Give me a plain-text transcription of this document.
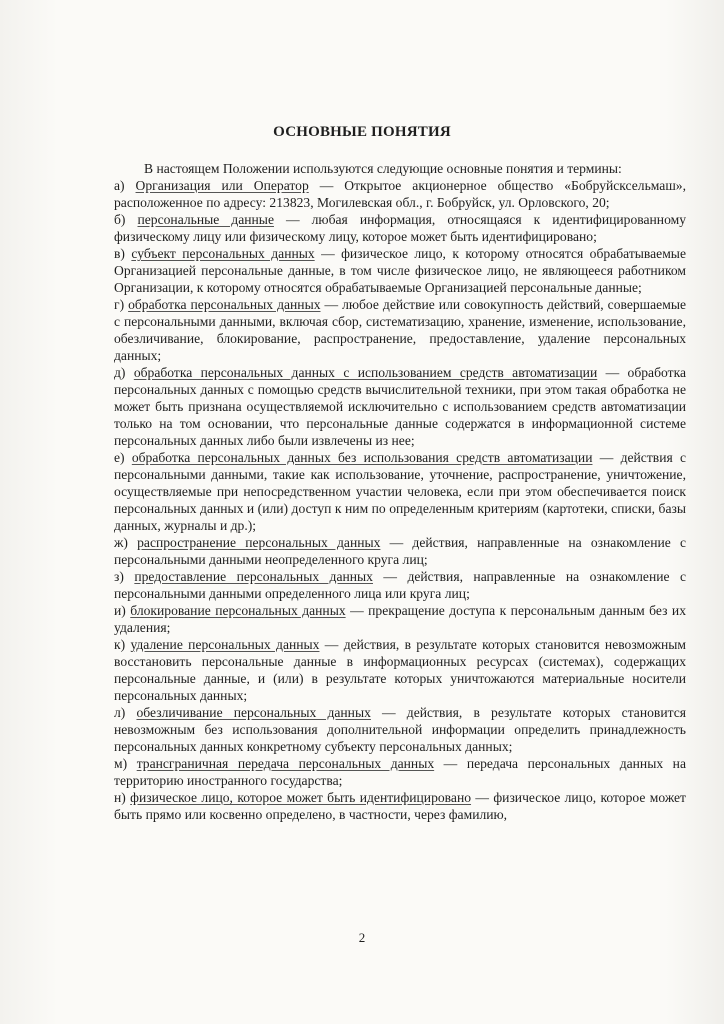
ОСНОВНЫЕ ПОНЯТИЯ

В настоящем Положении используются следующие основные понятия и термины:

а) Организация или Оператор — Открытое акционерное общество «Бобруйсксельмаш», расположенное по адресу: 213823, Могилевская обл., г. Бобруйск, ул. Орловского, 20;

б) персональные данные — любая информация, относящаяся к идентифицированному физическому лицу или физическому лицу, которое может быть идентифицировано;

в) субъект персональных данных — физическое лицо, к которому относятся обрабатываемые Организацией персональные данные, в том числе физическое лицо, не являющееся работником Организации, к которому относятся обрабатываемые Организацией персональные данные;

г) обработка персональных данных — любое действие или совокупность действий, совершаемые с персональными данными, включая сбор, систематизацию, хранение, изменение, использование, обезличивание, блокирование, распространение, предоставление, удаление персональных данных;

д) обработка персональных данных с использованием средств автоматизации — обработка персональных данных с помощью средств вычислительной техники, при этом такая обработка не может быть признана осуществляемой исключительно с использованием средств автоматизации только на том основании, что персональные данные содержатся в информационной системе персональных данных либо были извлечены из нее;

е) обработка персональных данных без использования средств автоматизации — действия с персональными данными, такие как использование, уточнение, распространение, уничтожение, осуществляемые при непосредственном участии человека, если при этом обеспечивается поиск персональных данных и (или) доступ к ним по определенным критериям (картотеки, списки, базы данных, журналы и др.);

ж) распространение персональных данных — действия, направленные на ознакомление с персональными данными неопределенного круга лиц;

з) предоставление персональных данных — действия, направленные на ознакомление с персональными данными определенного лица или круга лиц;

и) блокирование персональных данных — прекращение доступа к персональным данным без их удаления;

к) удаление персональных данных — действия, в результате которых становится невозможным восстановить персональные данные в информационных ресурсах (системах), содержащих персональные данные, и (или) в результате которых уничтожаются материальные носители персональных данных;

л) обезличивание персональных данных — действия, в результате которых становится невозможным без использования дополнительной информации определить принадлежность персональных данных конкретному субъекту персональных данных;

м) трансграничная передача персональных данных — передача персональных данных на территорию иностранного государства;

н) физическое лицо, которое может быть идентифицировано — физическое лицо, которое может быть прямо или косвенно определено, в частности, через фамилию,

2
